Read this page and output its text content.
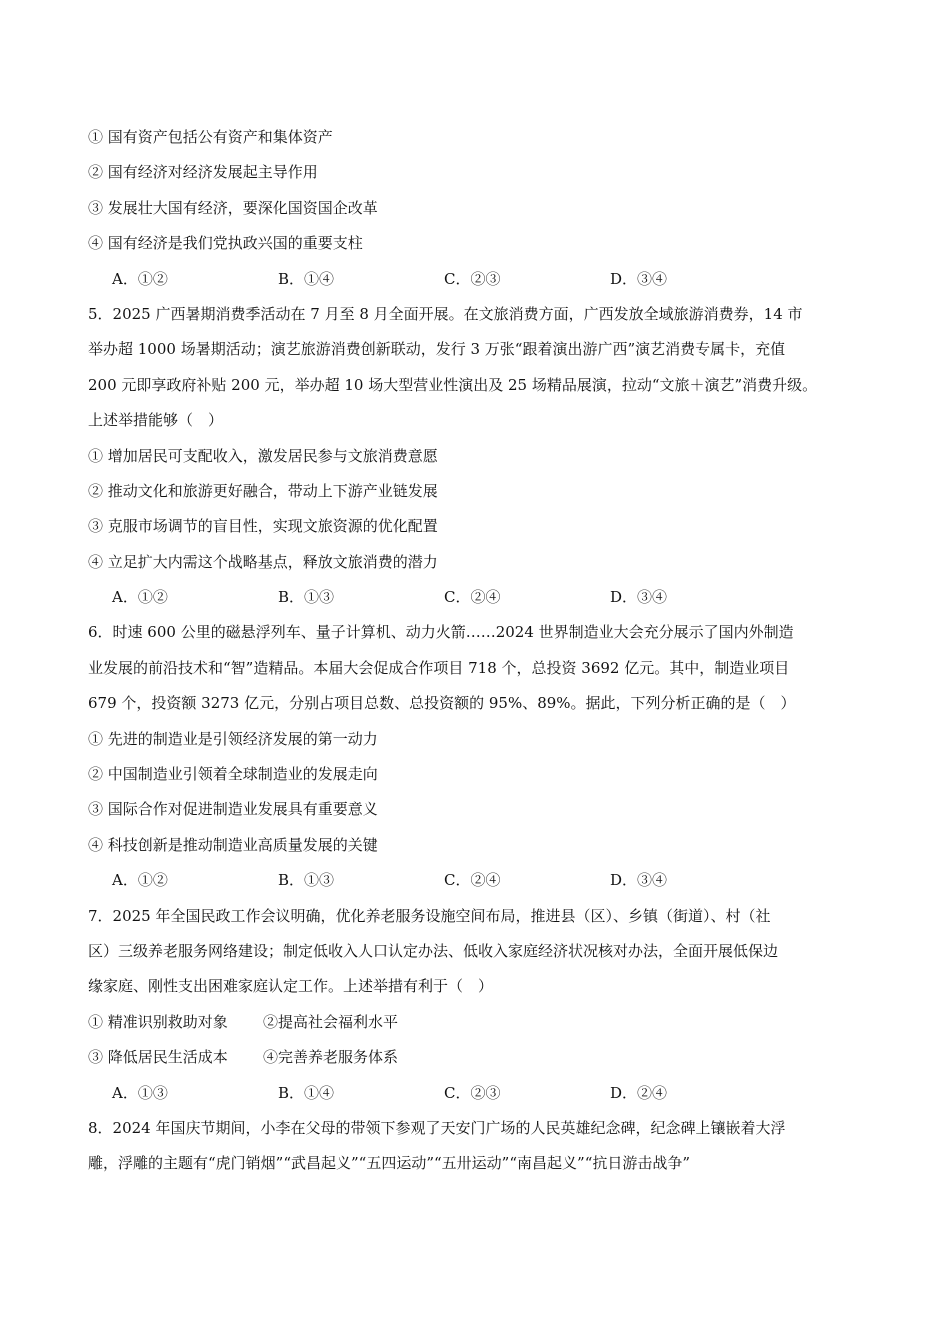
① 国有资产包括公有资产和集体资产
② 国有经济对经济发展起主导作用
③ 发展壮大国有经济，要深化国资国企改革
④ 国有经济是我们党执政兴国的重要支柱
A．①②	B．①④	C．②③	D．③④
5．2025 广西暑期消费季活动在 7 月至 8 月全面开展。在文旅消费方面，广西发放全域旅游消费券，14 市
举办超 1000 场暑期活动；演艺旅游消费创新联动，发行 3 万张“跟着演出游广西”演艺消费专属卡，充值
200 元即享政府补贴 200 元，举办超 10 场大型营业性演出及 25 场精品展演，拉动“文旅＋演艺”消费升级。
上述举措能够（　）
① 增加居民可支配收入，激发居民参与文旅消费意愿
② 推动文化和旅游更好融合，带动上下游产业链发展
③ 克服市场调节的盲目性，实现文旅资源的优化配置
④ 立足扩大内需这个战略基点，释放文旅消费的潜力
A．①②	B．①③	C．②④	D．③④
6．时速 600 公里的磁悬浮列车、量子计算机、动力火箭……2024 世界制造业大会充分展示了国内外制造
业发展的前沿技术和“智”造精品。本届大会促成合作项目 718 个，总投资 3692 亿元。其中，制造业项目
679 个，投资额 3273 亿元，分别占项目总数、总投资额的 95%、89%。据此，下列分析正确的是（　）
① 先进的制造业是引领经济发展的第一动力
② 中国制造业引领着全球制造业的发展走向
③ 国际合作对促进制造业发展具有重要意义
④ 科技创新是推动制造业高质量发展的关键
A．①②	B．①③	C．②④	D．③④
7．2025 年全国民政工作会议明确，优化养老服务设施空间布局，推进县（区）、乡镇（街道）、村（社
区）三级养老服务网络建设；制定低收入人口认定办法、低收入家庭经济状况核对办法，全面开展低保边
缘家庭、刚性支出困难家庭认定工作。上述举措有利于（　）
① 精准识别救助对象 ②提高社会福利水平
③ 降低居民生活成本 ④完善养老服务体系
A．①③	B．①④	C．②③	D．②④
8．2024 年国庆节期间，小李在父母的带领下参观了天安门广场的人民英雄纪念碑，纪念碑上镶嵌着大浮
雕，浮雕的主题有“虎门销烟”“武昌起义”“五四运动”“五卅运动”“南昌起义”“抗日游击战争”
